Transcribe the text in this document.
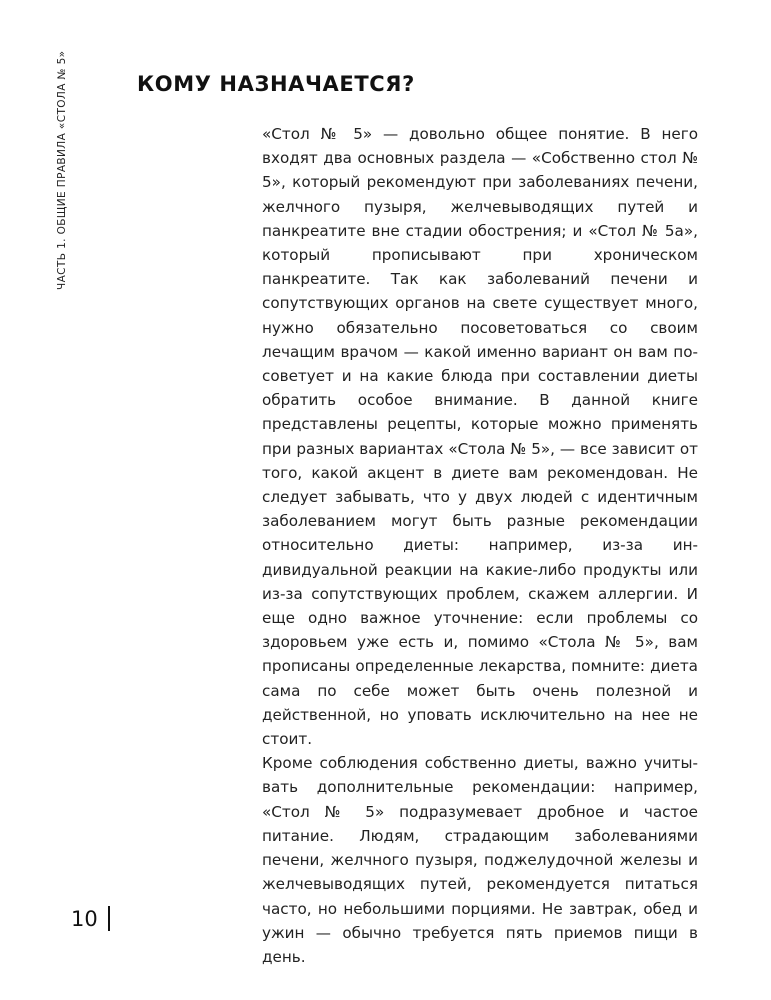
ЧАСТЬ 1. ОБЩИЕ ПРАВИЛА «СТОЛА № 5»	КОМУ НАЗНАЧАЕТСЯ?

«Стол № 5» — довольно общее понятие. В него входят два основных раздела — «Собственно стол № 5», который рекомендуют при заболеваниях печени, желчного пузыря, желчевыводящих путей и панкреатите вне стадии обострения; и «Стол № 5а», который прописывают при хроническом панкреатите. Так как заболеваний печени и сопутствующих органов на свете существует много, нужно обязательно посоветоваться со своим лечащим врачом — какой именно вариант он вам посоветует и на какие блюда при составлении диеты обратить особое внимание. В данной книге представлены рецепты, которые можно применять при разных вариантах «Стола № 5», — все зависит от того, какой акцент в диете вам рекомендован. Не следует забывать, что у двух людей с идентичным заболеванием могут быть разные рекомендации относительно диеты: например, из-за индивидуальной реакции на какие-либо продукты или из-за сопутствующих проблем, скажем аллергии. И еще одно важное уточнение: если проблемы со здоровьем уже есть и, помимо «Стола № 5», вам прописаны определенные лекарства, помните: диета сама по себе может быть очень полезной и действенной, но уповать исключительно на нее не стоит.

Кроме соблюдения собственно диеты, важно учитывать дополнительные рекомендации: например, «Стол № 5» подразумевает дробное и частое питание. Людям, страдающим заболеваниями печени, желчного пузыря, поджелудочной железы и желчевыводящих путей, рекомендуется питаться часто, но небольшими порциями. Не завтрак, обед и ужин — обычно требуется пять приемов пищи в день.

10
